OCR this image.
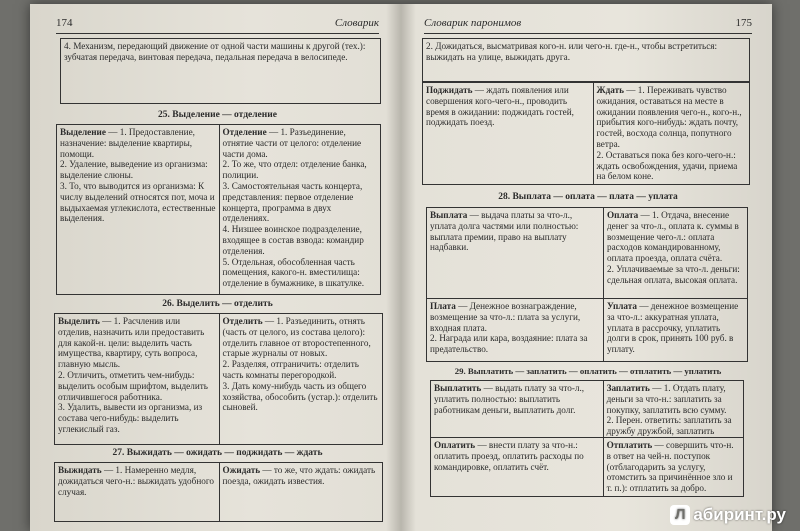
174	Словарик

4. Механизм, передающий движение от одной части машины к другой (тех.): зубчатая передача, винтовая передача, педальная передача в велосипеде.

25. Выделение — отделение

Выделение — 1. Предоставление, назначение: выделение квартиры, помощи.
2. Удаление, выведение из организма: выделение слюны.
3. То, что выводится из организма: К числу выделений относятся пот, моча и выдыхаемая углекислота, естественные выделения.

Отделение — 1. Разъединение, отнятие части от целого: отделение части дома.
2. То же, что отдел: отделение банка, полиции.
3. Самостоятельная часть концерта, представления: первое отделение концерта, программа в двух отделениях.
4. Низшее воинское подразделение, входящее в состав взвода: командир отделения.
5. Отдельная, обособленная часть помещения, какого-н. вместилища: отделение в бумажнике, в шкатулке.

26. Выделить — отделить

Выделить — 1. Расчленив или отделив, назначить или предоставить для какой-н. цели: выделить часть имущества, квартиру, суть вопроса, главную мысль.
2. Отличить, отметить чем-нибудь: выделить особым шрифтом, выделить отличившегося работника.
3. Удалить, вывести из организма, из состава чего-нибудь: выделить углекислый газ.

Отделить — 1. Разъединить, отнять (часть от целого, из состава целого): отделить главное от второстепенного, старые журналы от новых.
2. Разделяя, отграничить: отделить часть комнаты перегородкой.
3. Дать кому-нибудь часть из общего хозяйства, обособить (устар.): отделить сыновей.

27. Выжидать — ожидать — поджидать — ждать

Выжидать — 1. Намеренно медля, дожидаться чего-н.: выжидать удобного случая.

Ожидать — то же, что ждать: ожидать поезда, ожидать известия.

Словарик паронимов	175

2. Дожидаться, высматривая кого-н. или чего-н. где-н., чтобы встретиться: выжидать на улице, выжидать друга.

Поджидать — ждать появления или совершения кого-чего-н., проводить время в ожидании: поджидать гостей, поджидать поезд.

Ждать — 1. Переживать чувство ожидания, оставаться на месте в ожидании появления чего-н., кого-н., прибытия кого-нибудь: ждать почту, гостей, восхода солнца, попутного ветра.
2. Оставаться пока без кого-чего-н.: ждать освобождения, удачи, приема на белом коне.

28. Выплата — оплата — плата — уплата

Выплата — выдача платы за что-л., уплата долга частями или полностью: выплата премии, право на выплату надбавки.

Оплата — 1. Отдача, внесение денег за что-л., оплата к. суммы в возмещение чего-л.: оплата расходов командированному, оплата проезда, оплата счёта.
2. Уплачиваемые за что-л. деньги: сдельная оплата, высокая оплата.

Плата — Денежное вознаграждение, возмещение за что-л.: плата за услуги, входная плата.
2. Награда или кара, воздаяние: плата за предательство.

Уплата — денежное возмещение за что-л.: аккуратная уплата, уплата в рассрочку, уплатить долги в срок, принять 100 руб. в уплату.

29. Выплатить — заплатить — оплатить — отплатить — уплатить

Выплатить — выдать плату за что-л., уплатить полностью: выплатить работникам деньги, выплатить долг.

Заплатить — 1. Отдать плату, деньги за что-н.: заплатить за покупку, заплатить всю сумму.
2. Перен. ответить: заплатить за дружбу дружбой, заплатить

Оплатить — внести плату за что-н.: оплатить проезд, оплатить расходы по командировке, оплатить счёт.

Отплатить — совершить что-н. в ответ на чей-н. поступок (отблагодарить за услугу, отомстить за причинённое зло и т. п.): отплатить за добро.

Л абиринт.ру
